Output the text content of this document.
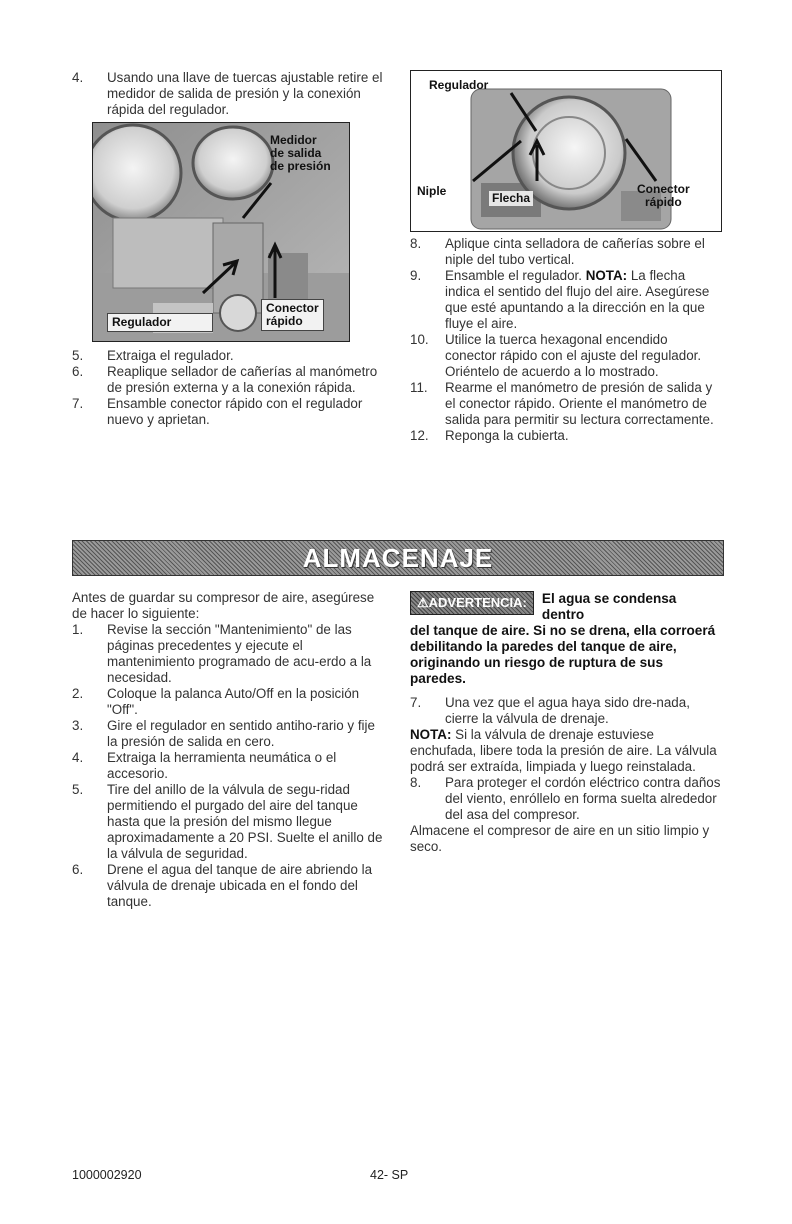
4. Usando una llave de tuercas ajustable retire el medidor de salida de presión y la conexión rápida del regulador.

Medidor
de salida
de presión
Regulador
Conector
rápido

5. Extraiga el regulador.

6. Reaplique sellador de cañerías al manómetro de presión externa y a la conexión rápida.

7. Ensamble conector rápido con el regulador nuevo y aprietan.

Regulador
Niple	Flecha
Conector
rápido

8. Aplique cinta selladora de cañerías sobre el niple del tubo vertical.

9. Ensamble el regulador. NOTA: La flecha indica el sentido del flujo del aire. Asegúrese que esté apuntando a la dirección en la que fluye el aire.

10. Utilice la tuerca hexagonal encendido conector rápido con el ajuste del regulador. Oriéntelo de acuerdo a lo mostrado.

11. Rearme el manómetro de presión de salida y el conector rápido. Oriente el manómetro de salida para permitir su lectura correctamente.

12. Reponga la cubierta.

ALMACENAJE

Antes de guardar su compresor de aire, asegúrese de hacer lo siguiente:

1. Revise la sección "Mantenimiento" de las páginas precedentes y ejecute el mantenimiento programado de acu-erdo a la necesidad.

2. Coloque la palanca Auto/Off en la posición "Off".

3. Gire el regulador en sentido antiho-rario y fije la presión de salida en cero.

4. Extraiga la herramienta neumática o el accesorio.

5. Tire del anillo de la válvula de segu-ridad permitiendo el purgado del aire del tanque hasta que la presión del mismo llegue aproximadamente a 20 PSI. Suelte el anillo de la válvula de seguridad.

6. Drene el agua del tanque de aire abriendo la válvula de drenaje ubicada en el fondo del tanque.

⚠ADVERTENCIA:	El agua se condensa dentro
del tanque de aire. Si no se drena, ella corroerá debilitando la paredes del tanque de aire, originando un riesgo de ruptura de sus paredes.

7. Una vez que el agua haya sido dre-nada, cierre la válvula de drenaje.

NOTA: Si la válvula de drenaje estuviese enchufada, libere toda la presión de aire. La válvula podrá ser extraída, limpiada y luego reinstalada.

8. Para proteger el cordón eléctrico contra daños del viento, enróllelo en forma suelta alrededor del asa del compresor.

Almacene el compresor de aire en un sitio limpio y seco.

1000002920	42- SP
